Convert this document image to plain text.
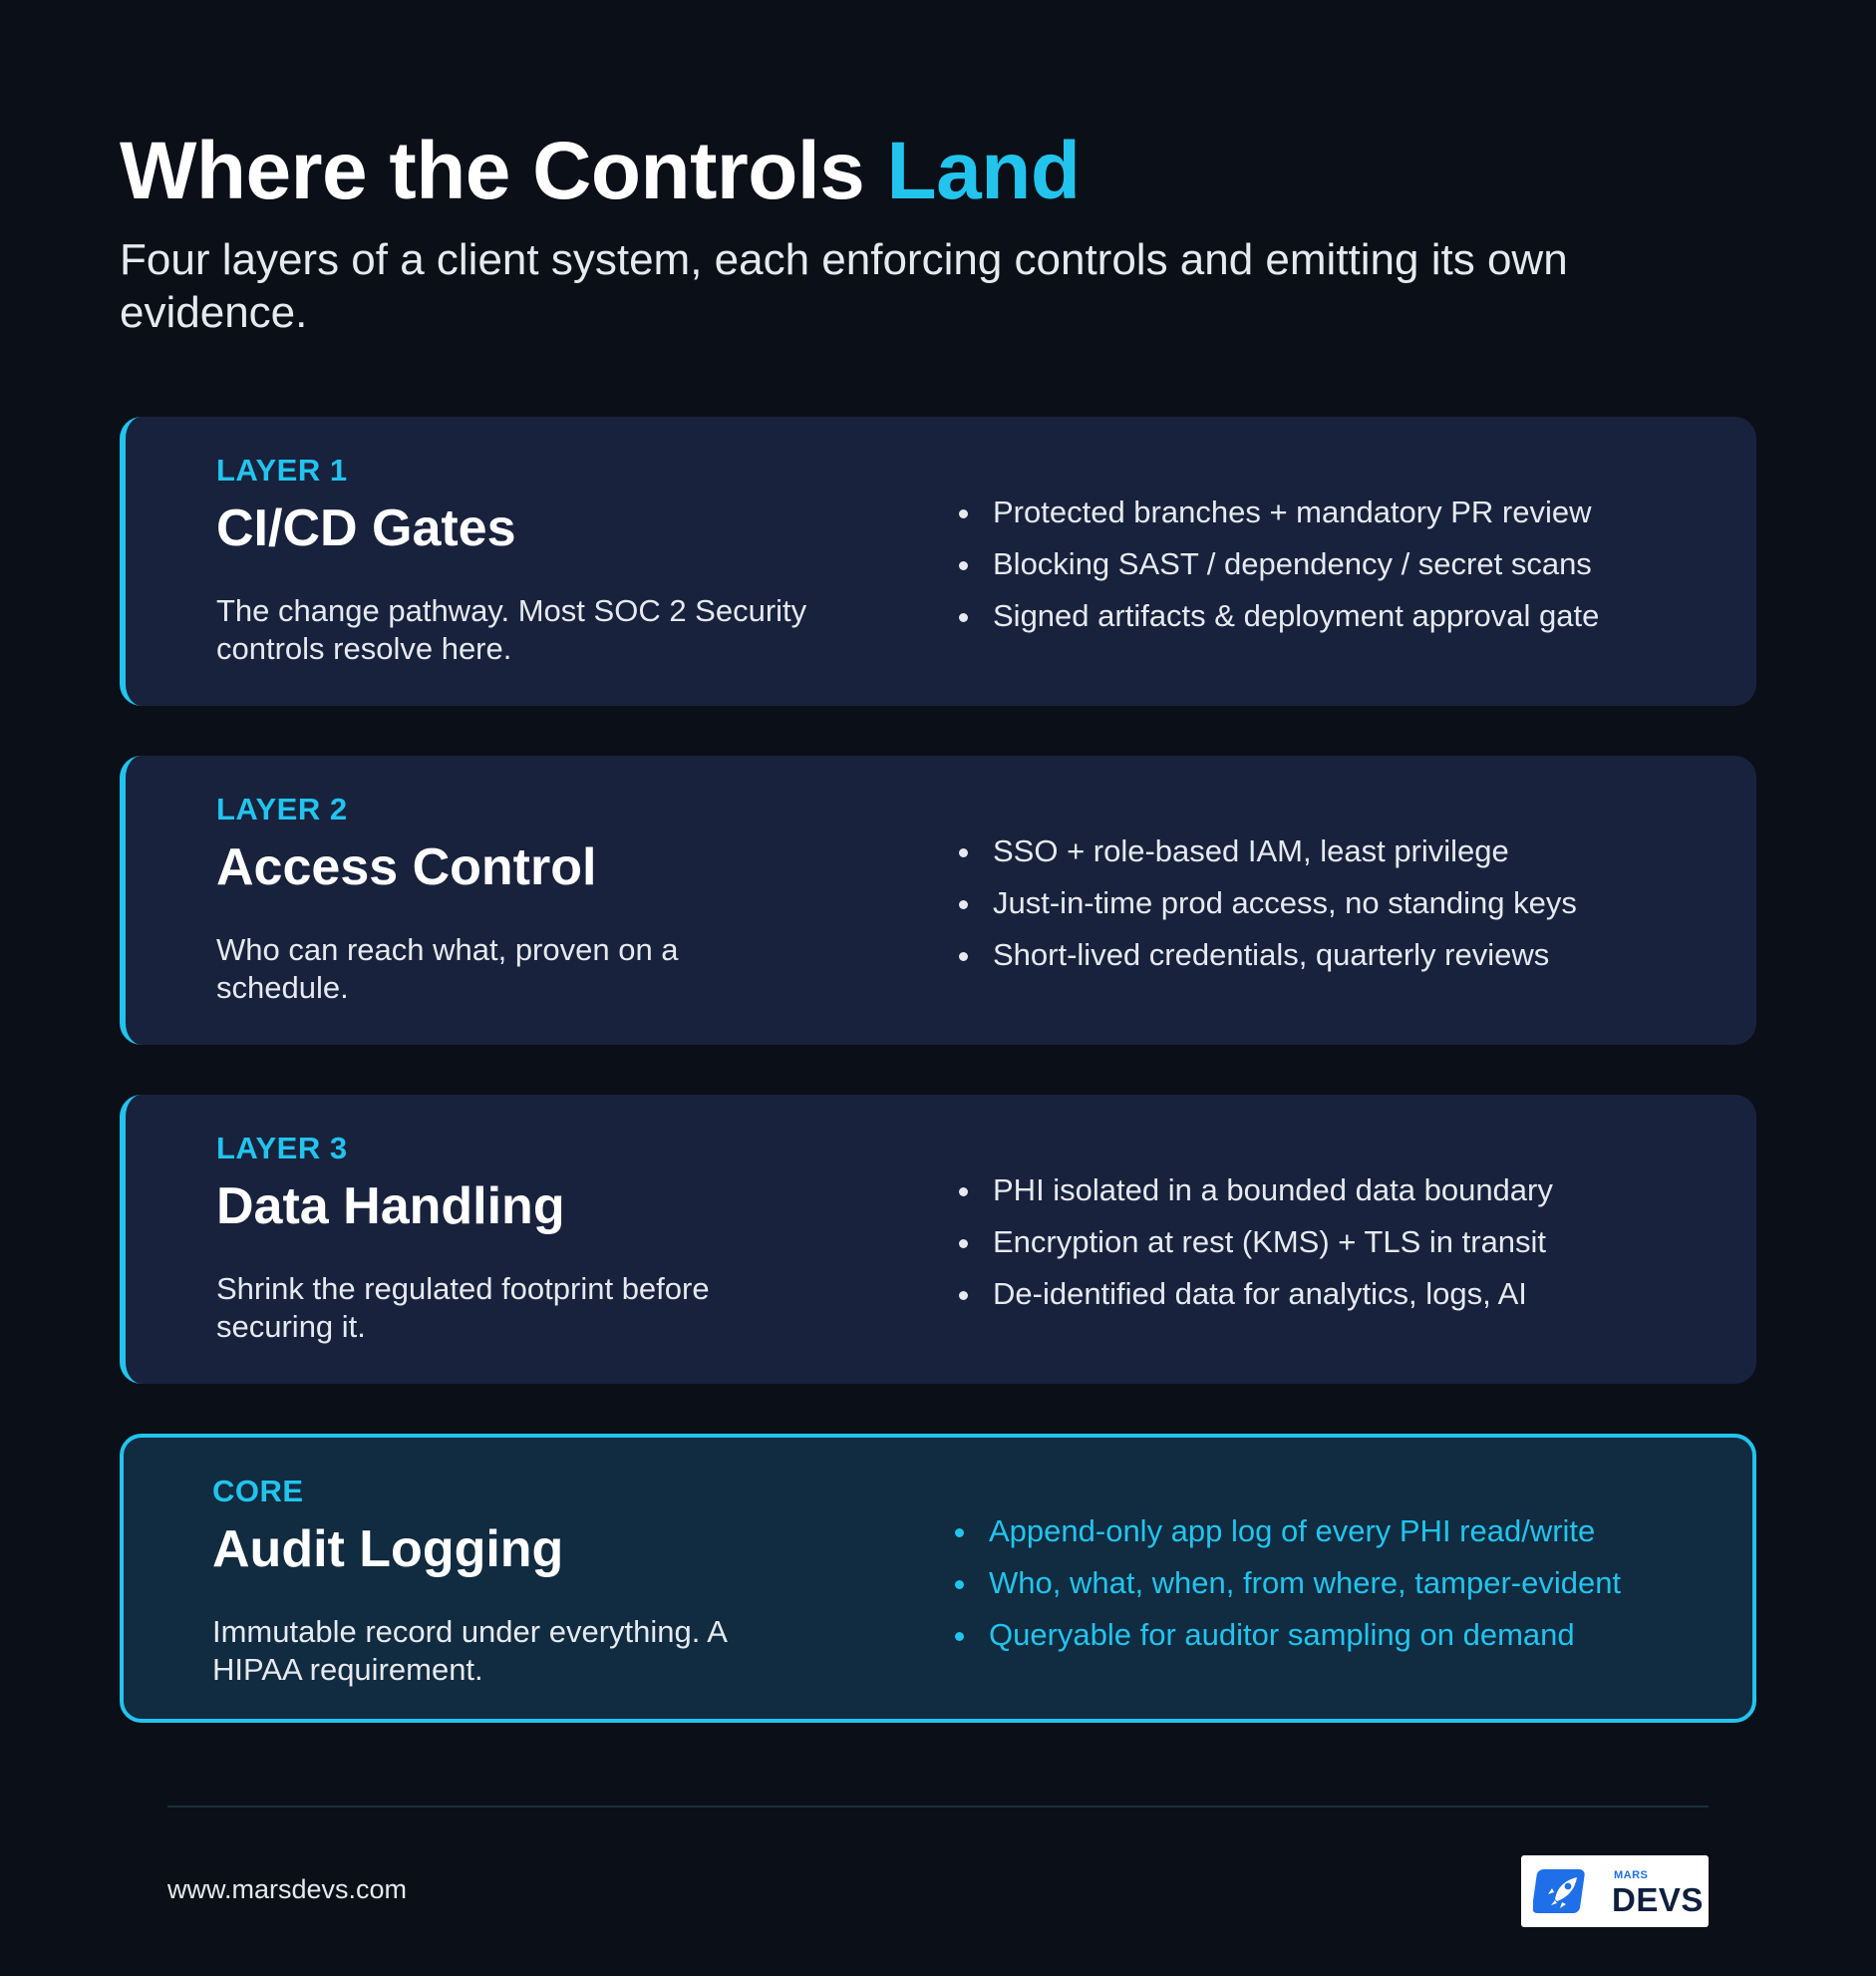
Where the Controls Land

Four layers of a client system, each enforcing controls and emitting its own evidence.

LAYER 1
CI/CD Gates
The change pathway. Most SOC 2 Security controls resolve here.
Protected branches + mandatory PR review
Blocking SAST / dependency / secret scans
Signed artifacts & deployment approval gate
LAYER 2
Access Control
Who can reach what, proven on a schedule.
SSO + role-based IAM, least privilege
Just-in-time prod access, no standing keys
Short-lived credentials, quarterly reviews
LAYER 3
Data Handling
Shrink the regulated footprint before securing it.
PHI isolated in a bounded data boundary
Encryption at rest (KMS) + TLS in transit
De-identified data for analytics, logs, AI
CORE
Audit Logging
Immutable record under everything. A HIPAA requirement.
Append-only app log of every PHI read/write
Who, what, when, from where, tamper-evident
Queryable for auditor sampling on demand
www.marsdevs.com	MARS
DEVS
